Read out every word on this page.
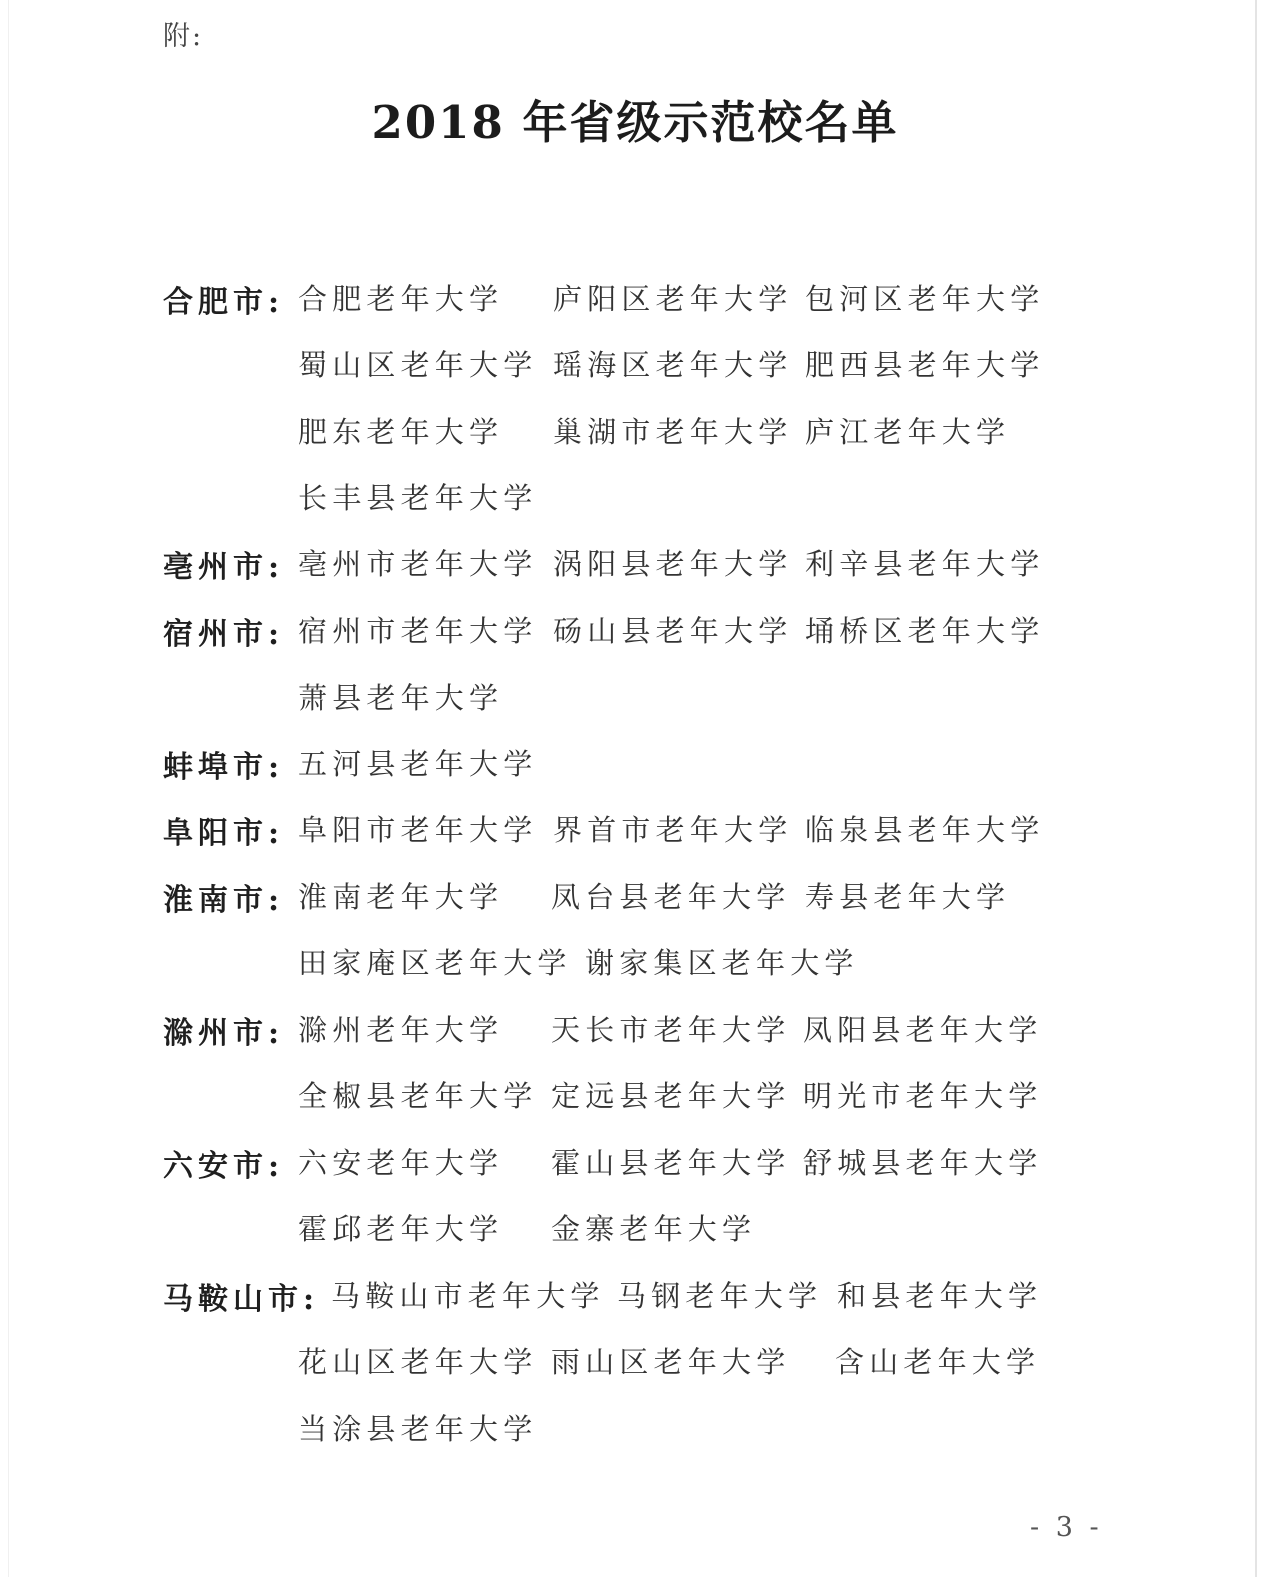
附:
2018 年省级示范校名单
合肥市: 合肥老年大学 庐阳区老年大学 包河区老年大学
蜀山区老年大学 瑶海区老年大学 肥西县老年大学
肥东老年大学 巢湖市老年大学 庐江老年大学
长丰县老年大学
亳州市: 亳州市老年大学 涡阳县老年大学 利辛县老年大学
宿州市: 宿州市老年大学 砀山县老年大学 埇桥区老年大学
萧县老年大学
蚌埠市: 五河县老年大学
阜阳市: 阜阳市老年大学 界首市老年大学 临泉县老年大学
淮南市: 淮南老年大学 凤台县老年大学 寿县老年大学
田家庵区老年大学 谢家集区老年大学
滁州市: 滁州老年大学 天长市老年大学 凤阳县老年大学
全椒县老年大学 定远县老年大学 明光市老年大学
六安市: 六安老年大学 霍山县老年大学 舒城县老年大学
霍邱老年大学 金寨老年大学
马鞍山市: 马鞍山市老年大学 马钢老年大学 和县老年大学
花山区老年大学 雨山区老年大学 含山老年大学
当涂县老年大学
- 3 -
